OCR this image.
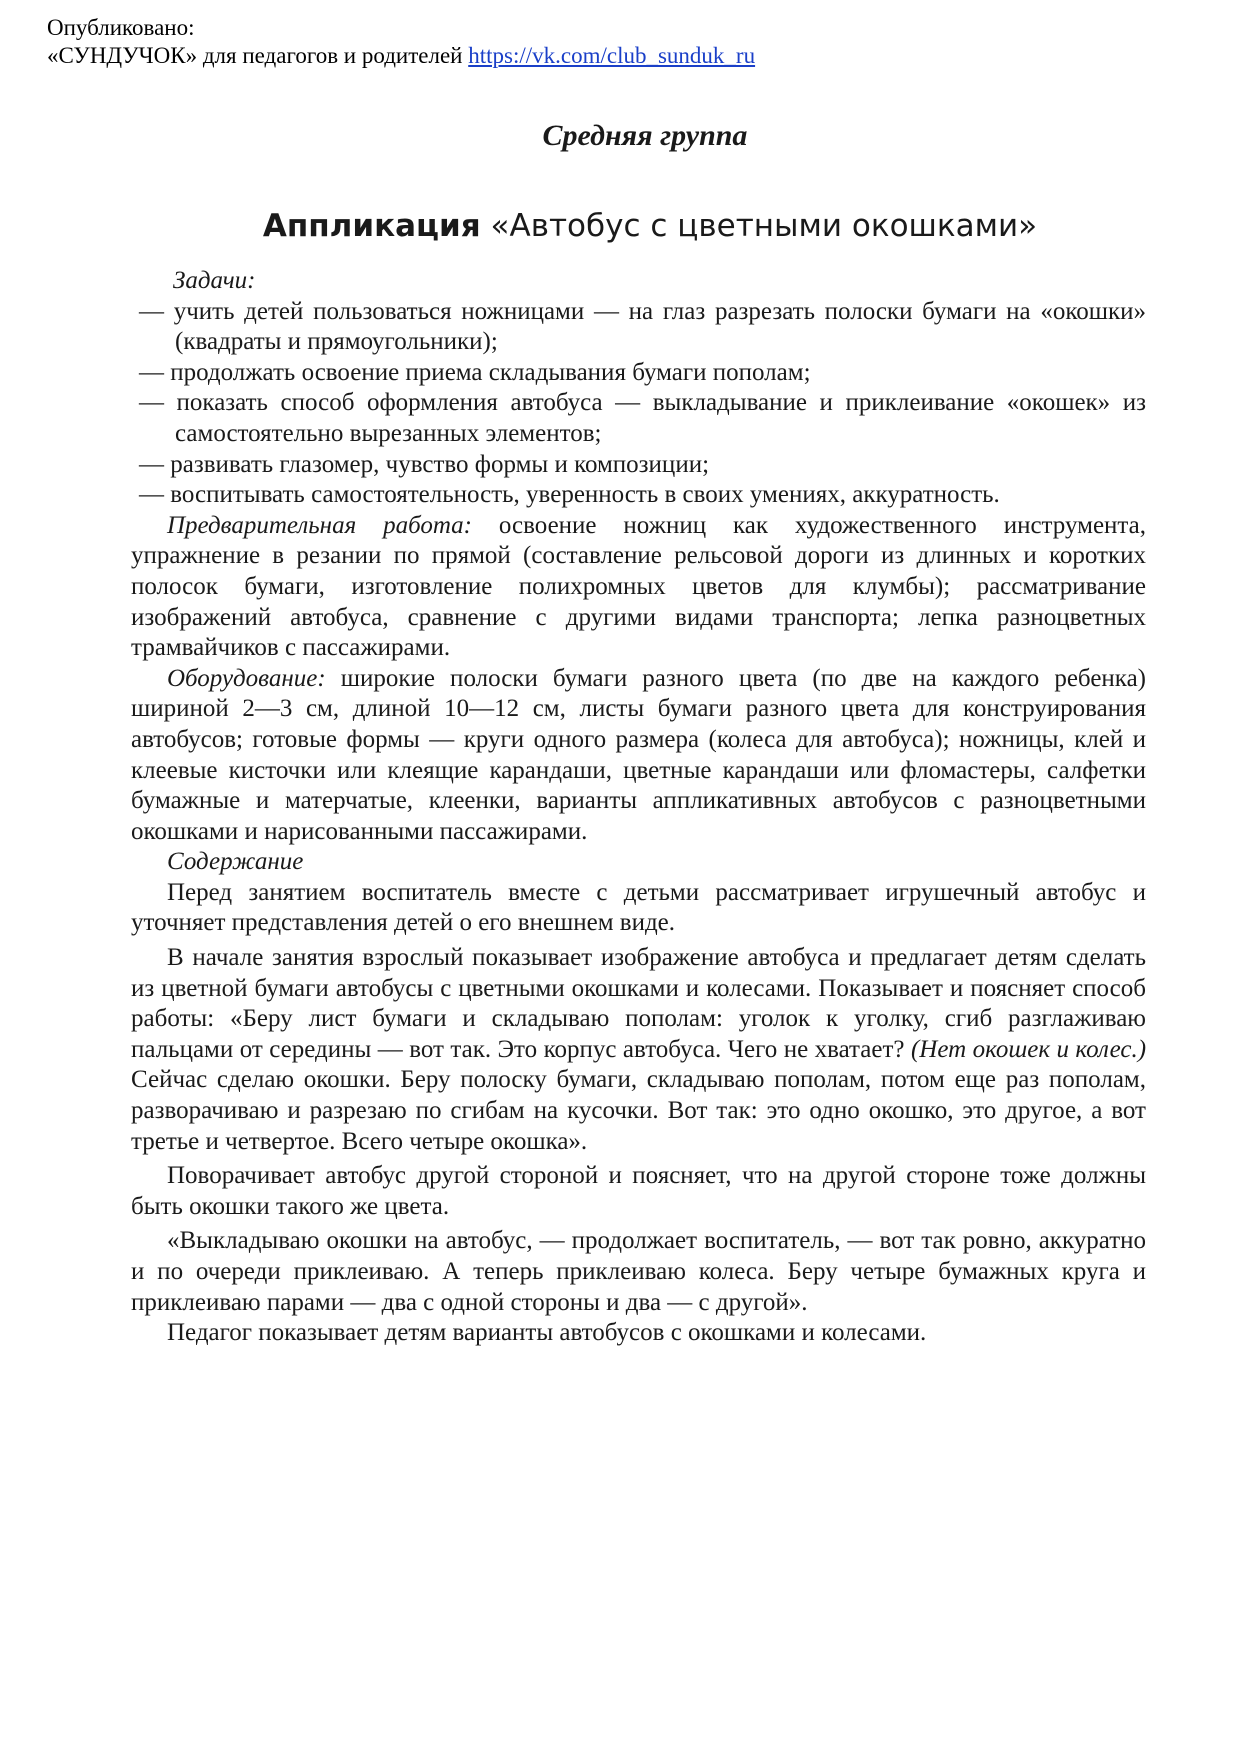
Опубликовано:
«СУНДУЧОК» для педагогов и родителей https://vk.com/club_sunduk_ru
Средняя группа
Аппликация «Автобус с цветными окошками»

Задачи:

— учить детей пользоваться ножницами — на глаз разрезать полоски бумаги на «окошки» (квадраты и прямоугольники);

— продолжать освоение приема складывания бумаги пополам;

— показать способ оформления автобуса — выкладывание и приклеивание «окошек» из самостоятельно вырезанных элементов;

— развивать глазомер, чувство формы и композиции;

— воспитывать самостоятельность, уверенность в своих умениях, аккуратность.

Предварительная работа: освоение ножниц как художественного инструмента, упражнение в резании по прямой (составление рельсовой дороги из длинных и коротких полосок бумаги, изготовление полихромных цветов для клумбы); рассматривание изображений автобуса, сравнение с другими видами транспорта; лепка разноцветных трамвайчиков с пассажирами.

Оборудование: широкие полоски бумаги разного цвета (по две на каждого ребенка) шириной 2—3 см, длиной 10—12 см, листы бумаги разного цвета для конструирования автобусов; готовые формы — круги одного размера (колеса для автобуса); ножницы, клей и клеевые кисточки или клеящие карандаши, цветные карандаши или фломастеры, салфетки бумажные и матерчатые, клеенки, варианты аппликативных автобусов с разноцветными окошками и нарисованными пассажирами.

Содержание

Перед занятием воспитатель вместе с детьми рассматривает игрушечный автобус и уточняет представления детей о его внешнем виде.

В начале занятия взрослый показывает изображение автобуса и предлагает детям сделать из цветной бумаги автобусы с цветными окошками и колесами. Показывает и поясняет способ работы: «Беру лист бумаги и складываю пополам: уголок к уголку, сгиб разглаживаю пальцами от середины — вот так. Это корпус автобуса. Чего не хватает? (Нет окошек и колес.) Сейчас сделаю окошки. Беру полоску бумаги, складываю пополам, потом еще раз пополам, разворачиваю и разрезаю по сгибам на кусочки. Вот так: это одно окошко, это другое, а вот третье и четвертое. Всего четыре окошка».

Поворачивает автобус другой стороной и поясняет, что на другой стороне тоже должны быть окошки такого же цвета.

«Выкладываю окошки на автобус, — продолжает воспитатель, — вот так ровно, аккуратно и по очереди приклеиваю. А теперь приклеиваю колеса. Беру четыре бумажных круга и приклеиваю парами — два с одной стороны и два — с другой».

Педагог показывает детям варианты автобусов с окошками и колесами.
